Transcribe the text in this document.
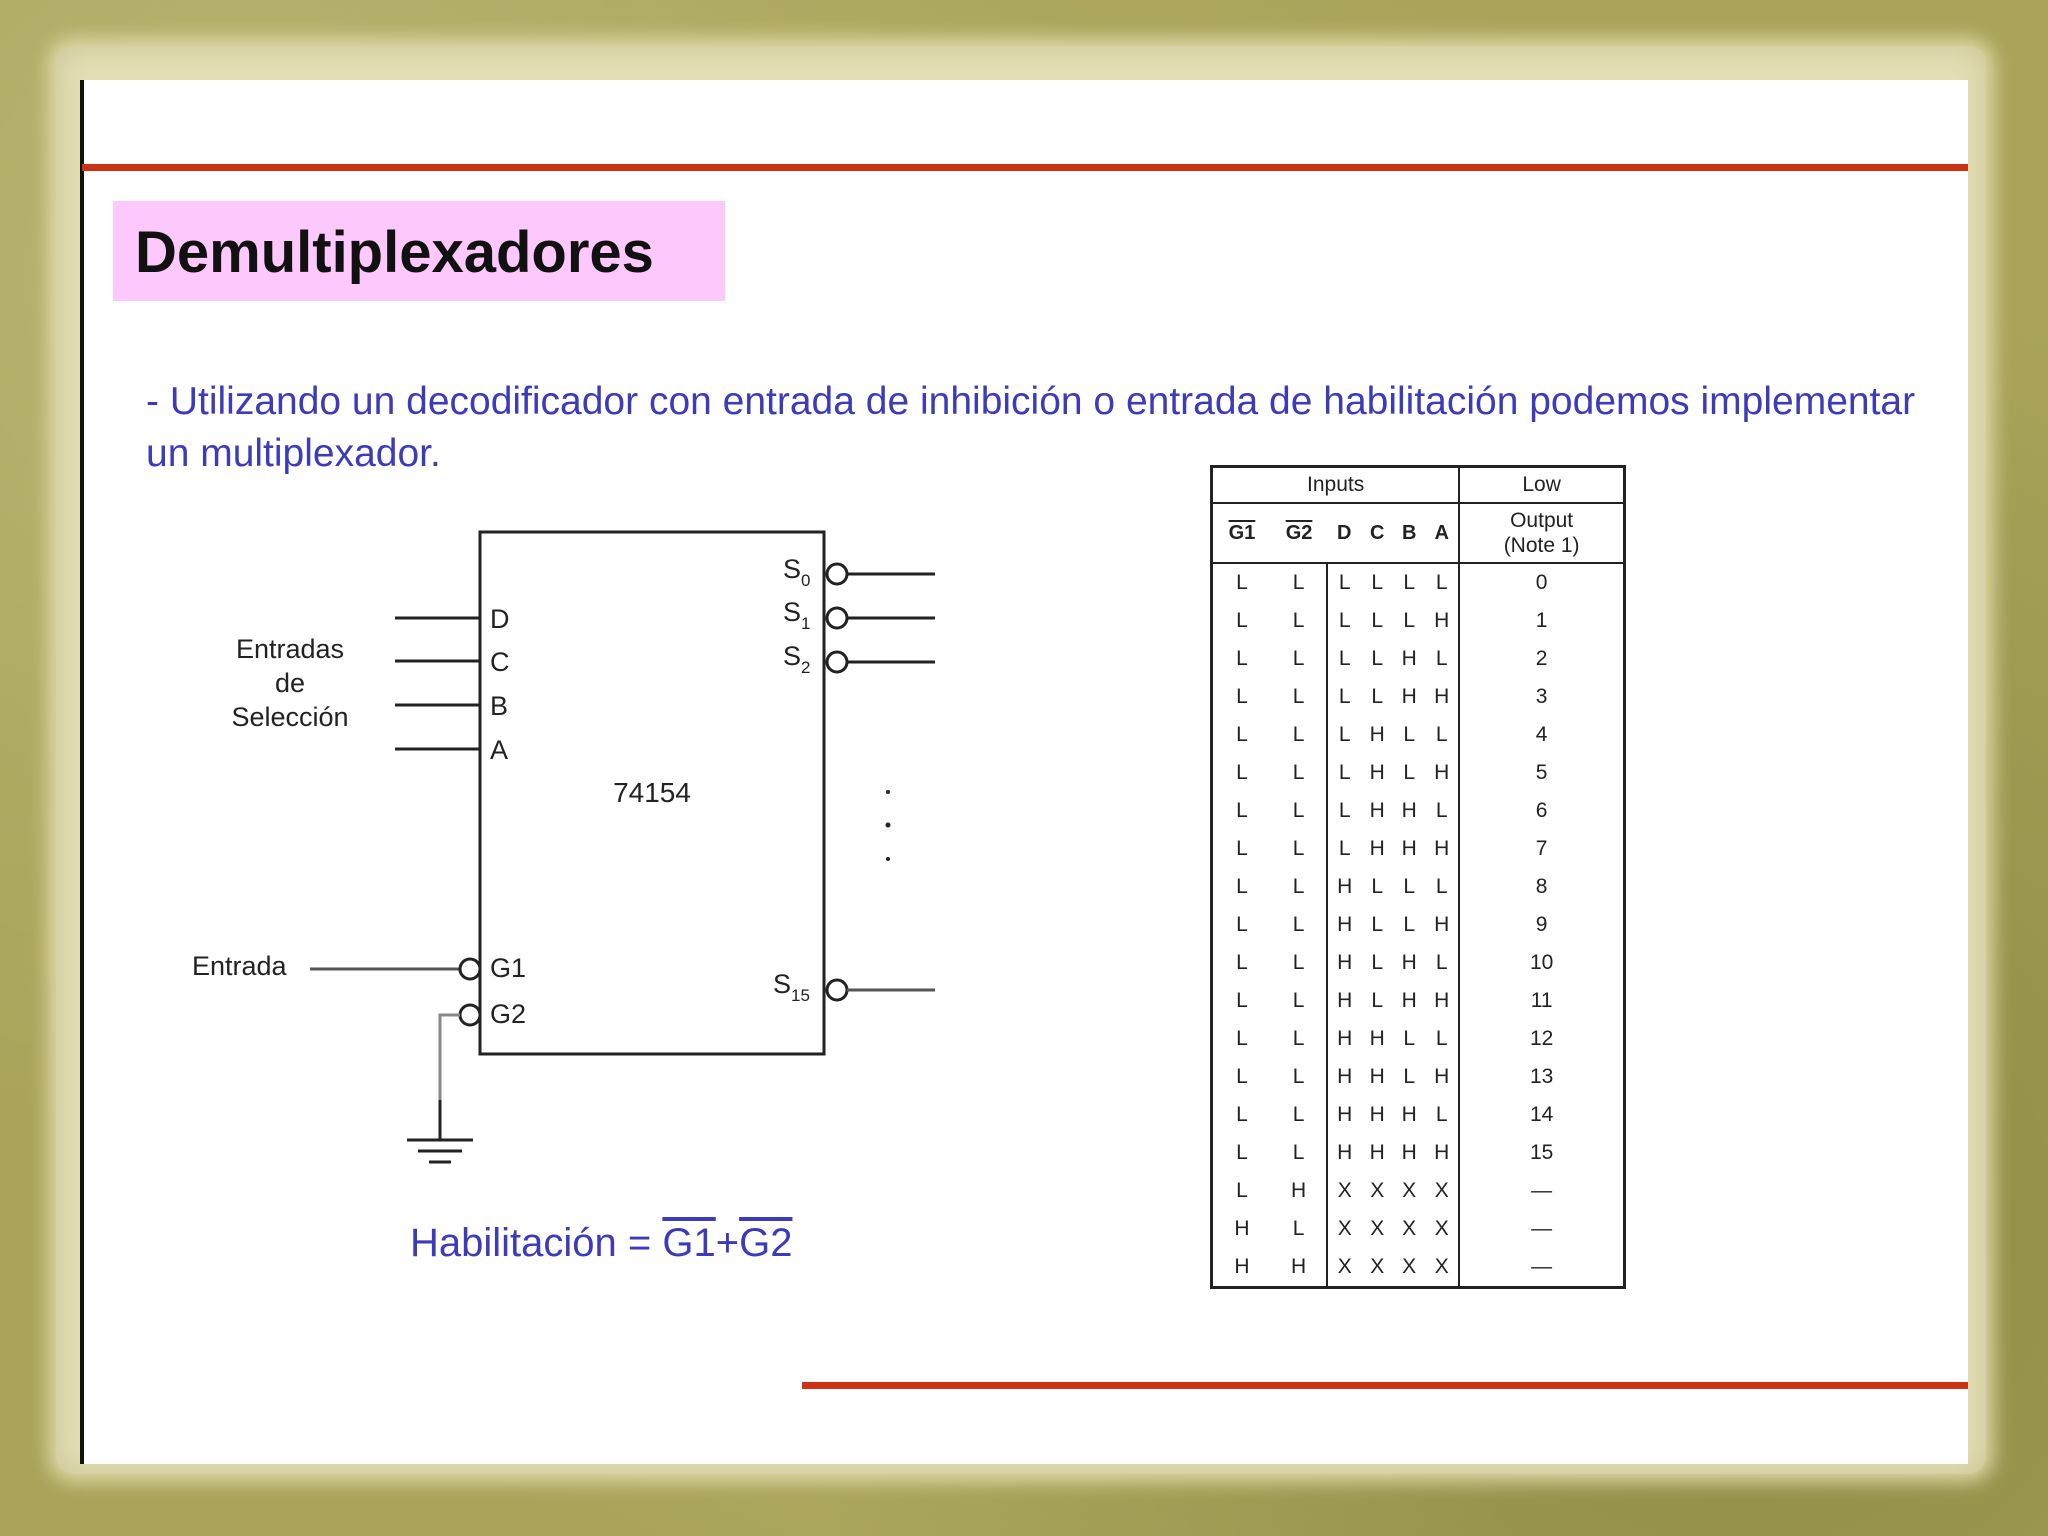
Demultiplexadores
- Utilizando un decodificador con entrada de inhibición o entrada de habilitación podemos implementar un multiplexador.
74154
D
C
B
A
Entradas
de
Selección
Entrada	G1
G2
$S_0$
$S_1$
$S_2$
$S_{15}$
Habilitación = G1+G2
Inputs						Low
G1	G2	D	C	B	A	Output
(Note 1)
L	L	L	L	L	L	0
L	L	L	L	L	H	1
L	L	L	L	H	L	2
L	L	L	L	H	H	3
L	L	L	H	L	L	4
L	L	L	H	L	H	5
L	L	L	H	H	L	6
L	L	L	H	H	H	7
L	L	H	L	L	L	8
L	L	H	L	L	H	9
L	L	H	L	H	L	10
L	L	H	L	H	H	11
L	L	H	H	L	L	12
L	L	H	H	L	H	13
L	L	H	H	H	L	14
L	L	H	H	H	H	15
L	H	X	X	X	X	—
H	L	X	X	X	X	—
H	H	X	X	X	X	—
